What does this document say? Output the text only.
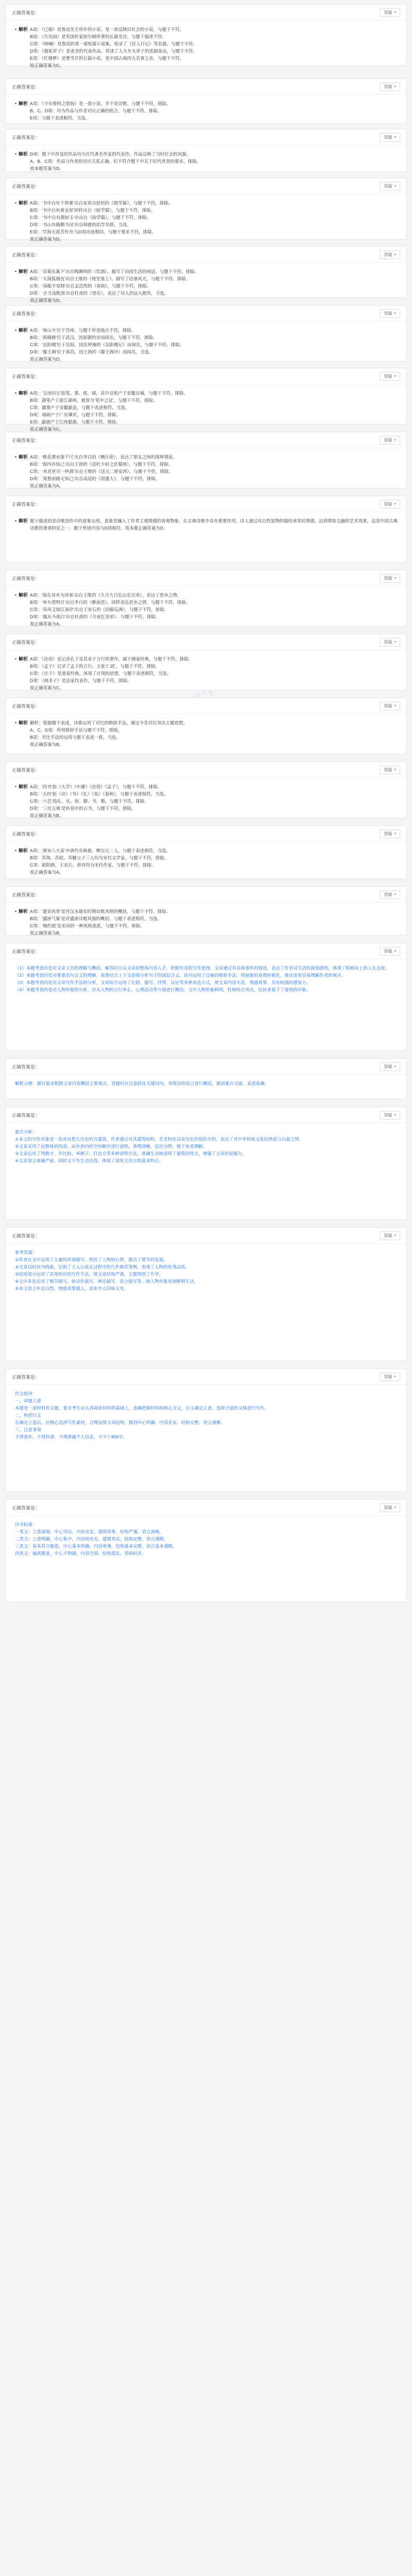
正确答案是：	答疑 ▾
• 解析 A项：《已婚》是鲁迅先生所作的小说，是一部反映旧社会的小说，与题干不符。
B项：《失乐园》是英国作家弥尔顿所著的长篇史诗，与题干描述不符。
C项：《呐喊》是鲁迅的第一部短篇小说集，收录了《狂人日记》等名篇，与题干不符。
D项：《骆驼祥子》是老舍的代表作品，讲述了人力车夫祥子的悲剧命运，与题干不符。
E项：《红楼梦》是曹雪芹的长篇小说，是中国古典四大名著之首，与题干不符。
故正确答案为C。
正确答案是：	答疑 ▾
• 解析 A项：《少年维特之烦恼》是一部小说，并不是诗歌，与题干不符，排除。
B、C、D项：均为作品与作者对应正确的组合，与题干不符，排除。
E项：与题干表述相符，当选。
正确答案是：	答疑 ▾
• 解析 D项：题干中涉及的作品均为近代著名作家的代表作，作品反映了当时社会的风貌。
A、B、C项：作品与作者的对应关系正确，但不符合题干中关于时代背景的要求，排除。
故本题答案为D。
正确答案是：	答疑 ▾
• 解析 A项：‘书中自有千钟粟’出自宋真宗赵恒的《励学篇》，与题干不符，排除。
B项：‘书中自有黄金屋’同样出自《励学篇》，与题干不符，排除。
C项：‘书中自有颜如玉’亦出自《励学篇》，与题干不符，排除。
D项：‘书山有路勤为径’出自韩愈的治学名联，当选。
E项：‘学海无涯苦作舟’与D项出处相同，与题干要求不符，排除。
故正确答案为D。
正确答案是：	答疑 ▾
• 解析 A项：‘采菊东篱下’出自陶渊明的《饮酒》，描写了田园生活的闲适，与题干不符，排除。
B项：‘大漠孤烟直’出自王维的《使至塞上》，描写了边塞风光，与题干不符，排除。
C项：‘春眠不觉晓’出自孟浩然的《春晓》，与题干不符，排除。
D项：‘会当凌绝顶’出自杜甫的《望岳》，表达了诗人的远大抱负，当选。
故正确答案为D。
正确答案是：	答疑 ▾
• 解析 A项：‘寒山寺’位于苏州，与题干所述地点不符，排除。
B项：‘黄鹤楼’位于武汉，因崔颢的诗而闻名，与题干不符，排除。
C项：‘岳阳楼’位于岳阳，因范仲淹的《岳阳楼记》而闻名，与题干不符，排除。
D项：‘滕王阁’位于南昌，因王勃的《滕王阁序》而闻名，当选。
故正确答案为D。
正确答案是：	答疑 ▾
• 解析 A项：‘文房四宝’指笔、墨、纸、砚，其中宣纸产于安徽宣城，与题干不符，排除。
B项：湖笔产于浙江湖州，被誉为‘笔中之冠’，与题干不符，排除。
C项：徽墨产于安徽歙县，与题干表述相符，当选。
D项：端砚产于广东肇庆，与题干不符，排除。
E项：歙砚产于江西婺源，与题干不符，排除。
故正确答案为C。
正确答案是：	答疑 ▾
• 解析 A项：‘桃花潭水深千尺’出自李白的《赠汪伦》，表达了朋友之间的深厚情谊。
B项：‘海内存知己’出自王勃的《送杜少府之任蜀州》，与题干不符，排除。
C项：‘劝君更尽一杯酒’出自王维的《送元二使安西》，与题干不符，排除。
D项：‘莫愁前路无知己’出自高适的《别董大》，与题干不符，排除。
故正确答案为A。
正确答案是：	答疑 ▾
• 解析 题干描述的是诗歌创作中的意象运用，意象是融入了作者主观情感的客观物象，在古典诗歌中具有重要作用。诗人通过对自然景物的描绘来寄托情感，达到情景交融的艺术效果，这是中国古典诗歌的重要特征之一。题干所述内容与D项相符，故本题正确答案为D。
正确答案是：	答疑 ▾
• 解析 A项：‘独在异乡为异客’出自王维的《九月九日忆山东兄弟》，表达了思乡之情。
B项：‘举头望明月’出自李白的《静夜思》，同样表达思乡之情，与题干不符，排除。
C项：‘春风又绿江南岸’出自王安石的《泊船瓜洲》，与题干不符，排除。
D项：‘露从今夜白’出自杜甫的《月夜忆舍弟》，与题干不符，排除。
故正确答案为A。
正确答案是：	答疑 ▾
• 解析 A项：《论语》是记录孔子及其弟子言行的著作，属于儒家经典，与题干不符，排除。
B项：《孟子》记录了孟子的言行，主张‘仁政’，与题干不符，排除。
C项：《庄子》是道家经典，体现了庄周的思想，与题干表述相符，当选。
D项：《韩非子》是法家代表作，与题干不符，排除。
故正确答案为C。
正确答案是：	答疑 ▾
• 解析 解析：根据题干表述，诗歌运用了对比的修辞手法，通过今昔对比突出主题思想。
A、C、D项：所用修辞手法与题干不符，排除。
B项：对比手法的运用与题干表述一致，当选。
故正确答案为B。
正确答案是：	答疑 ▾
• 解析 A项：‘四书’指《大学》《中庸》《论语》《孟子》，与题干不符，排除。
B项：‘五经’指《诗》《书》《礼》《易》《春秋》，与题干表述相符，当选。
C项：‘六艺’指礼、乐、射、御、书、数，与题干不符，排除。
D项：‘三坟五典’是传说中的古书，与题干不符，排除。
故正确答案为B。
正确答案是：	答疑 ▾
• 解析 A项：‘唐宋八大家’中唐代有韩愈、柳宗元二人，与题干表述相符，当选。
B项：苏洵、苏轼、苏辙父子三人均为宋代文学家，与题干不符，排除。
C项：欧阳修、王安石、曾巩均为宋代作家，与题干不符，排除。
故正确答案为A。
正确答案是：	答疑 ▾
• 解析 A项：‘建安风骨’是对汉末建安时期诗歌风格的概括，与题干不符，排除。
B项：‘盛唐气象’是对盛唐诗歌风貌的概括，与题干表述相符，当选。
C项：‘婉约派’是宋词的一种风格流派，与题干不符，排除。
故正确答案为B。
正确答案是：	答疑 ▾
（1）本题考查的是对文章主旨的理解与概括，解答时应从文章的整体内容入手，把握作者的写作意图。文章通过对具体事件的叙述，表达了作者对生活的深刻感悟，体现了积极向上的人生态度。
（2）本题考查的是对重要语句含义的理解，需要结合上下文语境分析句子的深层含义。该句运用了比喻的修辞手法，将抽象的道理形象化，使读者更容易理解作者的观点。
（3）本题考查的是对文章写作手法的分析，文章综合运用了记叙、描写、抒情、议论等多种表达方式，使文章内容丰富，情感真挚，具有较强的感染力。
（4）本题考查的是对人物形象的分析，应从人物的言行举止、心理活动等方面进行概括。文中人物形象鲜明，性格特点突出，给读者留下了深刻的印象。
正确答案是：	答疑 ▾
解析示例：题目要求根据文章内容概括主要观点，答题时应注意抓住关键词句，用简洁的语言进行概括，做到要点全面、表述准确。
正确答案是：	答疑 ▾
要点分析：
①本文的写作对象是一处具有悠久历史的古建筑，作者通过对其建筑结构、艺术特色以及历史价值的介绍，表达了对中华传统文化的热爱与自豪之情。
②文章采用了由整体到局部、由外到内的空间顺序进行说明，条理清晰，层次分明，便于读者理解。
③文章运用了列数字、作比较、举例子、打比方等多种说明方法，准确生动地说明了建筑的特点，增强了文章的说服力。
④文章语言准确严密，同时又不失生动活泼，体现了说明文语言的基本特点。
正确答案是：	答疑 ▾
参考答案：
①作者在文中运用了大量的环境描写，烘托了人物的心情，推动了情节的发展。
②文章以时间为线索，记叙了主人公成长过程中的几件典型事例，表现了人物的优秀品质。
③结尾部分运用了首尾呼应的写作手法，使文章结构严谨，主题得到了升华。
④文中多处运用了细节描写，如动作描写、神态描写、语言描写等，使人物形象更加鲜明生动。
⑤本文语言朴实自然，情感真挚感人，读来令人回味无穷。
正确答案是：	答疑 ▾
作文指导：
一、审题立意
本题是一道材料作文题，要求考生在认真阅读材料的基础上，准确把握材料的核心含义，自主确定立意，选择合适的文体进行写作。
二、构思行文
在确定立意后，应精心选择写作素材，合理安排文章结构，做到中心明确、内容充实、结构完整、语言通顺。
三、注意事项
不得套作，不得抄袭，不得泄露个人信息，不少于800字。
正确答案是：	答疑 ▾
评分标准：
一类文：立意深刻，中心突出，内容充实，感情真挚，结构严谨，语言流畅。
二类文：立意明确，中心集中，内容较充实，感情真实，结构完整，语言通顺。
三类文：基本符合题意，中心基本明确，内容单薄，结构基本完整，语言基本通顺。
四类文：偏离题意，中心不明确，内容空洞，结构混乱，语病较多。
